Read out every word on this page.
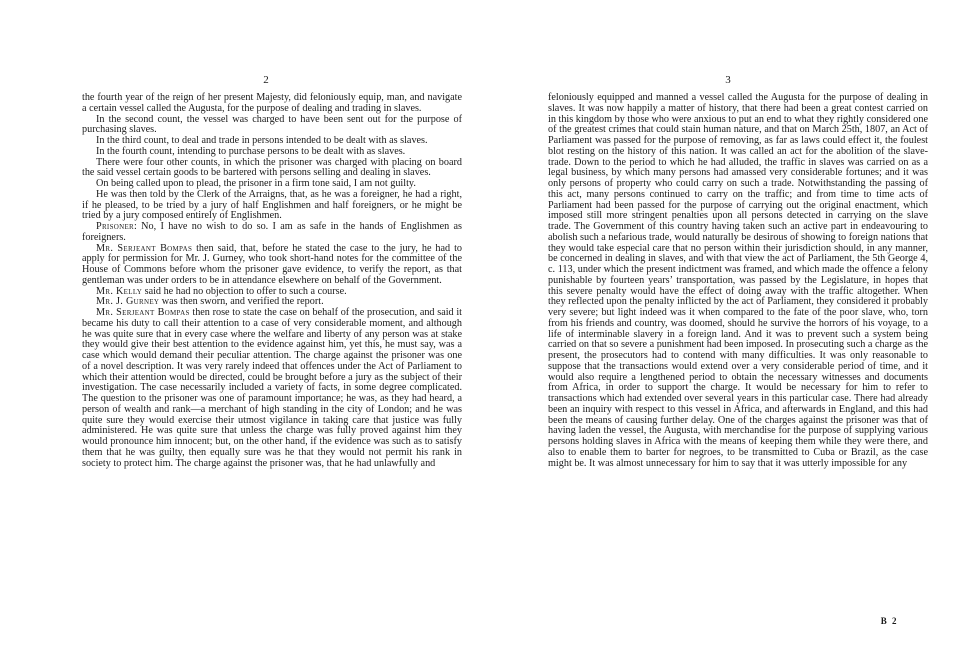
2

the fourth year of the reign of her present Majesty, did feloniously equip, man, and navigate a certain vessel called the Augusta, for the purpose of dealing and trading in slaves.

In the second count, the vessel was charged to have been sent out for the purpose of purchasing slaves.

In the third count, to deal and trade in persons intended to be dealt with as slaves.

In the fourth count, intending to purchase persons to be dealt with as slaves.

There were four other counts, in which the prisoner was charged with placing on board the said vessel certain goods to be bartered with persons selling and dealing in slaves.

On being called upon to plead, the prisoner in a firm tone said, I am not guilty.

He was then told by the Clerk of the Arraigns, that, as he was a foreigner, he had a right, if he pleased, to be tried by a jury of half Englishmen and half foreigners, or he might be tried by a jury composed entirely of Englishmen.

Prisoner: No, I have no wish to do so. I am as safe in the hands of Englishmen as foreigners.

Mr. Serjeant Bompas then said, that, before he stated the case to the jury, he had to apply for permission for Mr. J. Gurney, who took short-hand notes for the committee of the House of Commons before whom the prisoner gave evidence, to verify the report, as that gentleman was under orders to be in attendance elsewhere on behalf of the Government.

Mr. Kelly said he had no objection to offer to such a course.

Mr. J. Gurney was then sworn, and verified the report.

Mr. Serjeant Bompas then rose to state the case on behalf of the prosecution, and said it became his duty to call their attention to a case of very considerable moment, and although he was quite sure that in every case where the welfare and liberty of any person was at stake they would give their best attention to the evidence against him, yet this, he must say, was a case which would demand their peculiar attention. The charge against the prisoner was one of a novel description. It was very rarely indeed that offences under the Act of Parliament to which their attention would be directed, could be brought before a jury as the subject of their investigation. The case necessarily included a variety of facts, in some degree complicated. The question to the prisoner was one of paramount importance; he was, as they had heard, a person of wealth and rank—a merchant of high standing in the city of London; and he was quite sure they would exercise their utmost vigilance in taking care that justice was fully administered. He was quite sure that unless the charge was fully proved against him they would pronounce him innocent; but, on the other hand, if the evidence was such as to satisfy them that he was guilty, then equally sure was he that they would not permit his rank in society to protect him. The charge against the prisoner was, that he had unlawfully and

3

feloniously equipped and manned a vessel called the Augusta for the purpose of dealing in slaves. It was now happily a matter of history, that there had been a great contest carried on in this kingdom by those who were anxious to put an end to what they rightly considered one of the greatest crimes that could stain human nature, and that on March 25th, 1807, an Act of Parliament was passed for the purpose of removing, as far as laws could effect it, the foulest blot resting on the history of this nation. It was called an act for the abolition of the slave-trade. Down to the period to which he had alluded, the traffic in slaves was carried on as a legal business, by which many persons had amassed very considerable fortunes; and it was only persons of property who could carry on such a trade. Notwithstanding the passing of this act, many persons continued to carry on the traffic; and from time to time acts of Parliament had been passed for the purpose of carrying out the original enactment, which imposed still more stringent penalties upon all persons detected in carrying on the slave trade. The Government of this country having taken such an active part in endeavouring to abolish such a nefarious trade, would naturally be desirous of showing to foreign nations that they would take especial care that no person within their jurisdiction should, in any manner, be concerned in dealing in slaves, and with that view the act of Parliament, the 5th George 4, c. 113, under which the present indictment was framed, and which made the offence a felony punishable by fourteen years’ transportation, was passed by the Legislature, in hopes that this severe penalty would have the effect of doing away with the traffic altogether. When they reflected upon the penalty inflicted by the act of Parliament, they considered it probably very severe; but light indeed was it when compared to the fate of the poor slave, who, torn from his friends and country, was doomed, should he survive the horrors of his voyage, to a life of interminable slavery in a foreign land. And it was to prevent such a system being carried on that so severe a punishment had been imposed. In prosecuting such a charge as the present, the prosecutors had to contend with many difficulties. It was only reasonable to suppose that the transactions would extend over a very considerable period of time, and it would also require a lengthened period to obtain the necessary witnesses and documents from Africa, in order to support the charge. It would be necessary for him to refer to transactions which had extended over several years in this particular case. There had already been an inquiry with respect to this vessel in Africa, and afterwards in England, and this had been the means of causing further delay. One of the charges against the prisoner was that of having laden the vessel, the Augusta, with merchandise for the purpose of supplying various persons holding slaves in Africa with the means of keeping them while they were there, and also to enable them to barter for negroes, to be transmitted to Cuba or Brazil, as the case might be. It was almost unnecessary for him to say that it was utterly impossible for any

B 2
